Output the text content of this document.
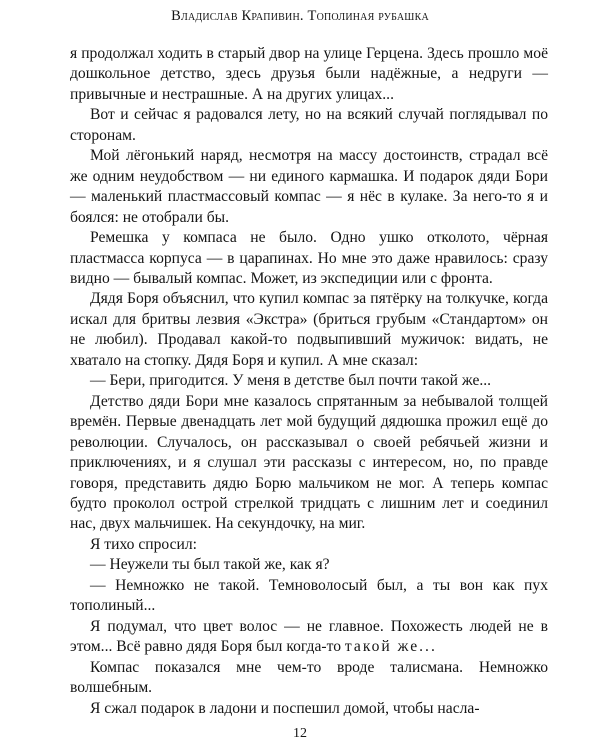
Владислав Крапивин. Тополиная рубашка

я продолжал ходить в старый двор на улице Герцена. Здесь прошло моё дошкольное детство, здесь друзья были надёжные, а недруги — привычные и нестрашные. А на других улицах...

Вот и сейчас я радовался лету, но на всякий случай поглядывал по сторонам.

Мой лёгонький наряд, несмотря на массу достоинств, страдал всё же одним неудобством — ни единого кармашка. И подарок дяди Бори — маленький пластмассовый компас — я нёс в кулаке. За него-то я и боялся: не отобрали бы.

Ремешка у компаса не было. Одно ушко отколото, чёрная пластмасса корпуса — в царапинах. Но мне это даже нравилось: сразу видно — бывалый компас. Может, из экспедиции или с фронта.

Дядя Боря объяснил, что купил компас за пятёрку на толкучке, когда искал для бритвы лезвия «Экстра» (бриться грубым «Стандартом» он не любил). Продавал какой-то подвыпивший мужичок: видать, не хватало на стопку. Дядя Боря и купил. А мне сказал:

— Бери, пригодится. У меня в детстве был почти такой же...

Детство дяди Бори мне казалось спрятанным за небывалой толщей времён. Первые двенадцать лет мой будущий дядюшка прожил ещё до революции. Случалось, он рассказывал о своей ребячьей жизни и приключениях, и я слушал эти рассказы с интересом, но, по правде говоря, представить дядю Борю мальчиком не мог. А теперь компас будто проколол острой стрелкой тридцать с лишним лет и соединил нас, двух мальчишек. На секундочку, на миг.

Я тихо спросил:

— Неужели ты был такой же, как я?

— Немножко не такой. Темноволосый был, а ты вон как пух тополиный...

Я подумал, что цвет волос — не главное. Похожесть людей не в этом... Всё равно дядя Боря был когда-то такой же...

Компас показался мне чем-то вроде талисмана. Немножко волшебным.

Я сжал подарок в ладони и поспешил домой, чтобы насла-

12
